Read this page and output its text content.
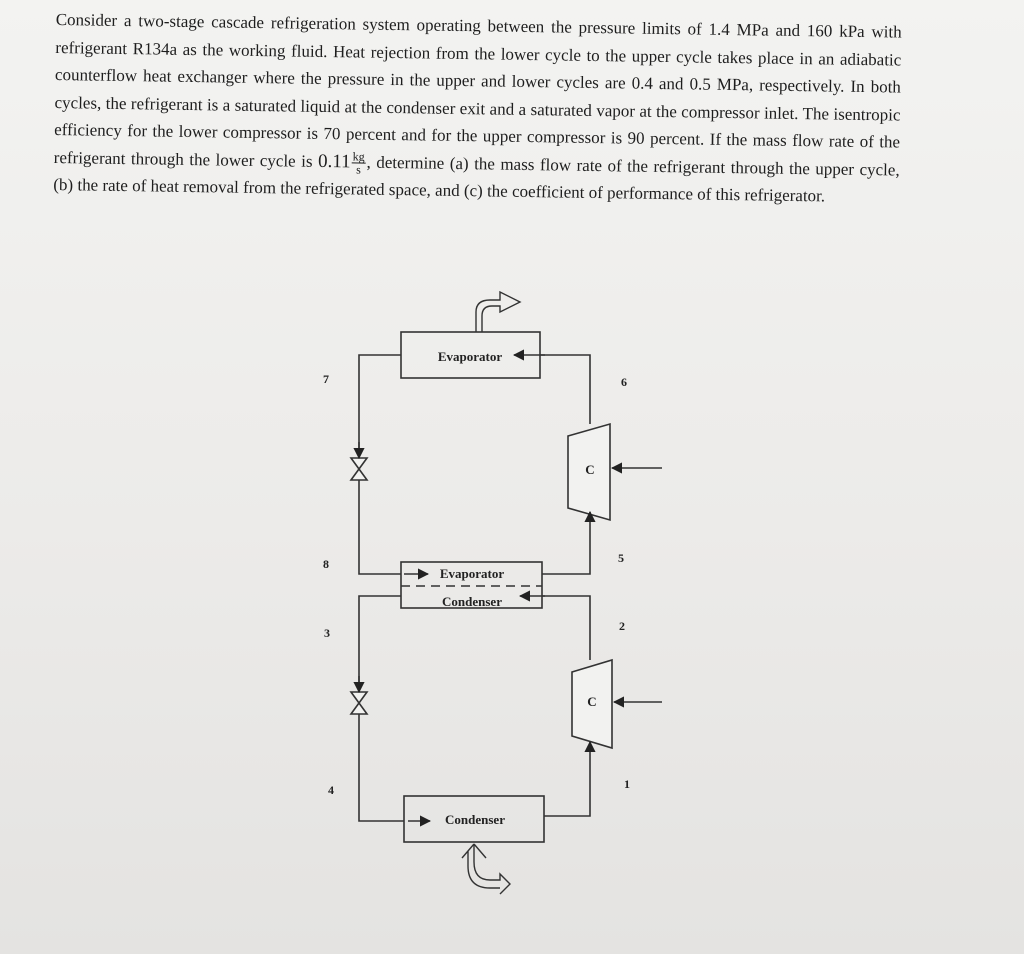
Consider a two-stage cascade refrigeration system operating between the pressure limits of 1.4 MPa and 160 kPa with refrigerant R134a as the working fluid. Heat rejection from the lower cycle to the upper cycle takes place in an adiabatic counterflow heat exchanger where the pressure in the upper and lower cycles are 0.4 and 0.5 MPa, respectively. In both cycles, the refrigerant is a saturated liquid at the condenser exit and a saturated vapor at the compressor inlet. The isentropic efficiency for the lower compressor is 70 percent and for the upper compressor is 90 percent. If the mass flow rate of the refrigerant through the lower cycle is $0.11 \frac{kg}{s}$ , determine (a) the mass flow rate of the refrigerant through the upper cycle, (b) the rate of heat removal from the refrigerated space, and (c) the coefficient of performance of this refrigerator.

Evaporator
Evaporator
Condenser
Condenser
C
C
7	6
8	5
3	2
4	1
